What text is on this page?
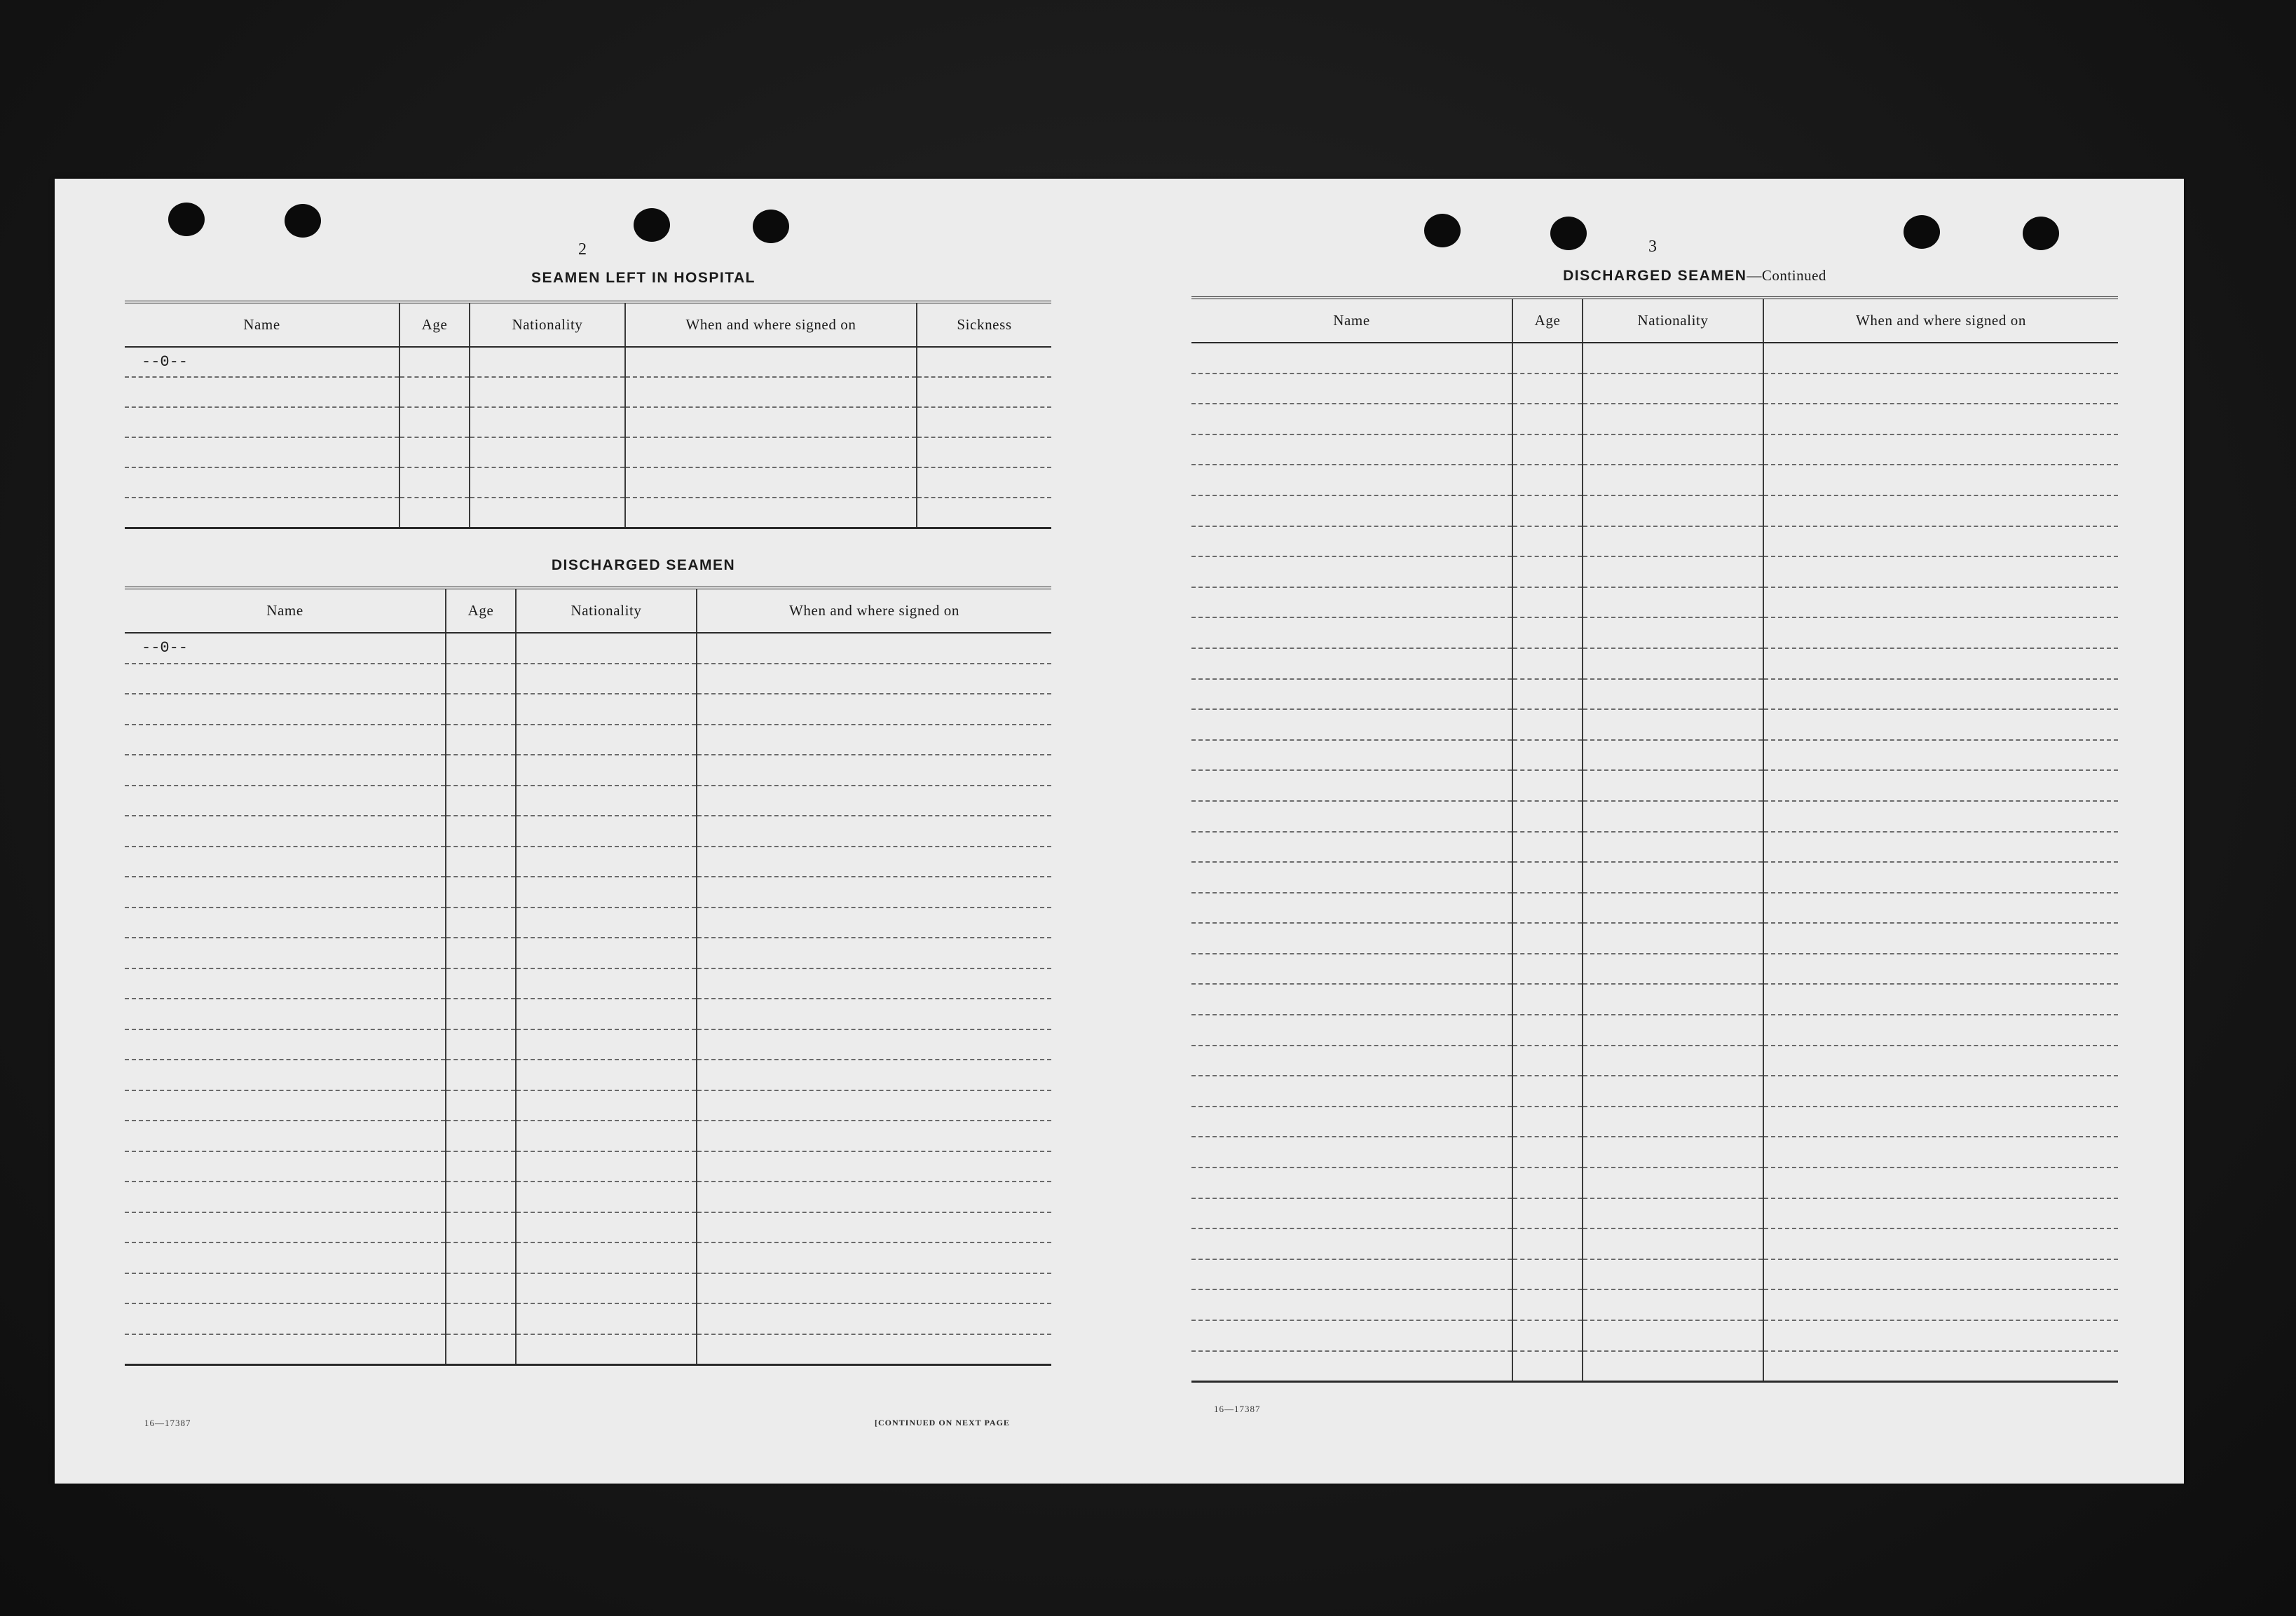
2
SEAMEN LEFT IN HOSPITAL
Name	Age	Nationality	When and where signed on	Sickness
--0--				

DISCHARGED SEAMEN
Name	Age	Nationality	When and where signed on
--0--			

16—17387	[CONTINUED ON NEXT PAGE
3
DISCHARGED SEAMEN—Continued
Name	Age	Nationality	When and where signed on

16—17387
